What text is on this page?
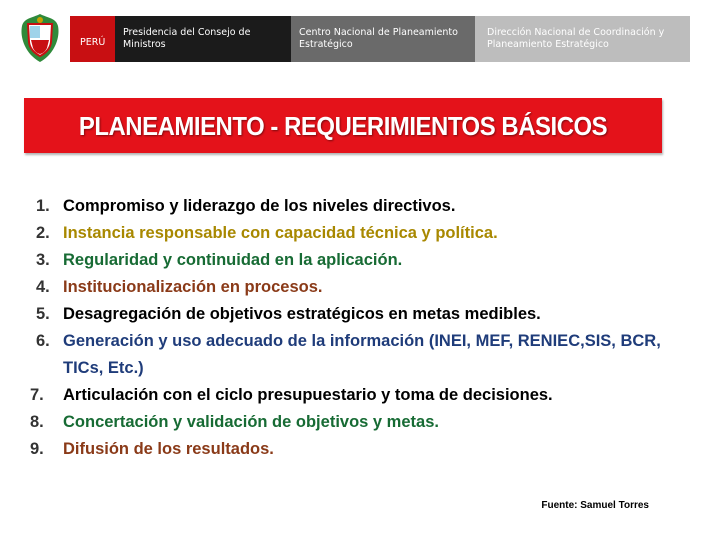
PERÚ
Presidencia del Consejo de Ministros
Centro Nacional de Planeamiento Estratégico
Dirección Nacional de Coordinación y Planeamiento Estratégico
PLANEAMIENTO - REQUERIMIENTOS BÁSICOS
1. Compromiso y liderazgo de los niveles directivos.
2. Instancia responsable con capacidad técnica y política.
3. Regularidad y continuidad en la aplicación.
4. Institucionalización en procesos.
5. Desagregación de objetivos estratégicos en metas medibles.
6. Generación y uso adecuado de la información (INEI, MEF, RENIEC,SIS, BCR,
TICs, Etc.)
7.	Articulación con el ciclo presupuestario y toma de decisiones.
8.	Concertación y validación de objetivos y metas.
9.	Difusión de los resultados.
Fuente: Samuel Torres
